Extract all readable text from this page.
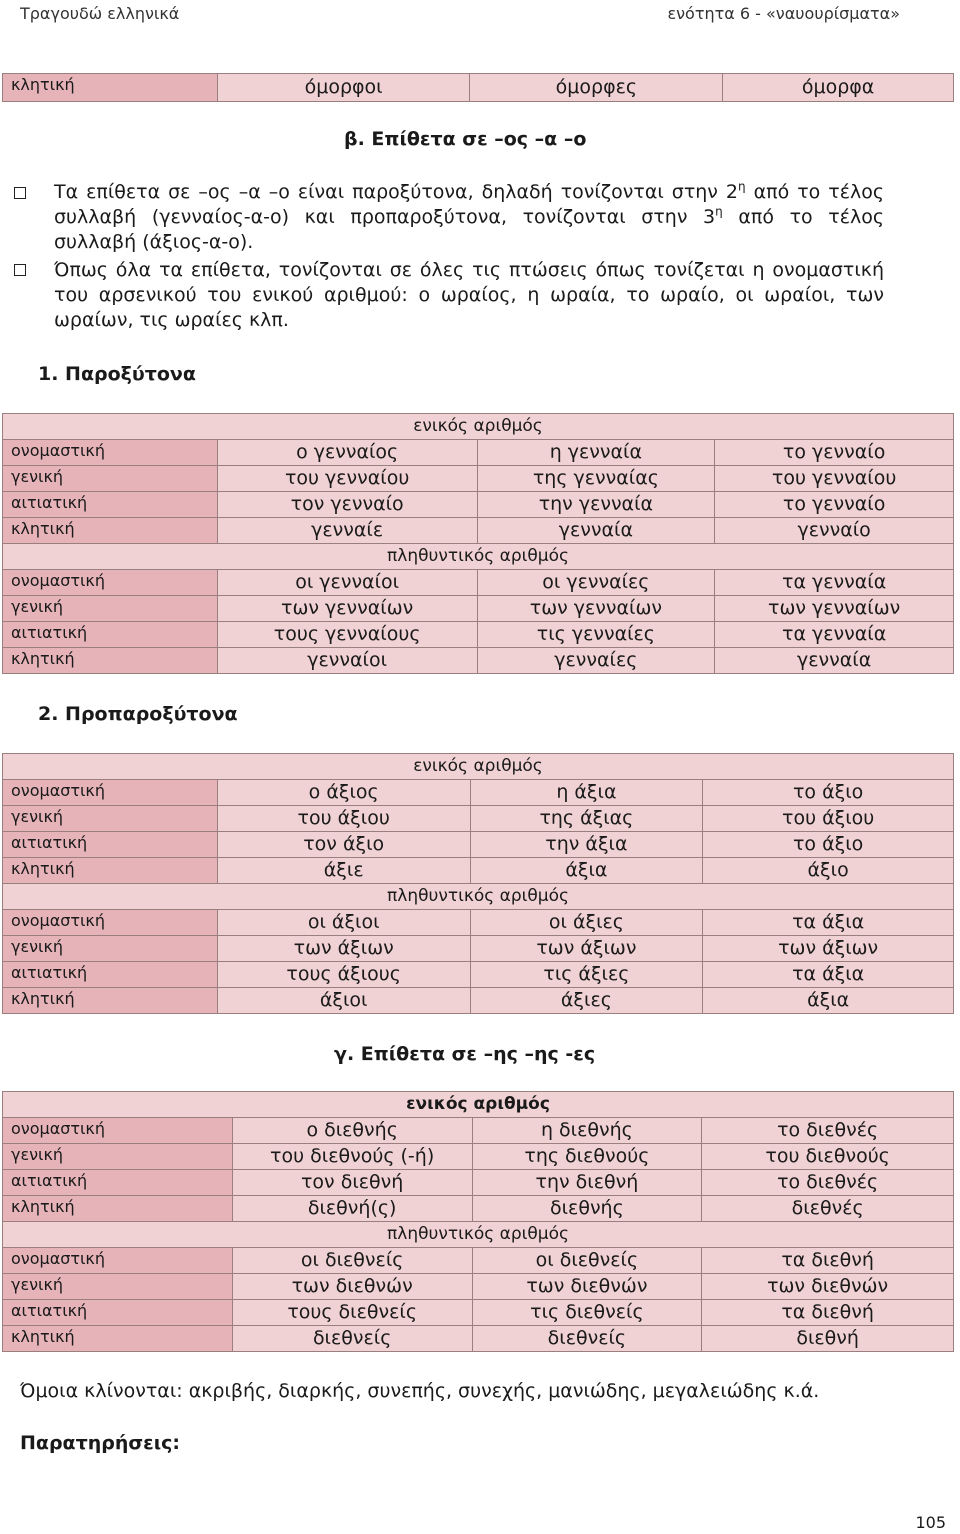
Τραγουδώ ελληνικά	ενότητα 6 - «ναυουρίσματα»
κλητική	όμορφοι	όμορφες	όμορφα
β. Επίθετα σε –ος –α –ο
Τα επίθετα σε –ος –α –ο είναι παροξύτονα, δηλαδή τονίζονται στην $2^\eta$ από το τέλος συλλαβή (γενναίος-α-ο) και προπαροξύτονα, τονίζονται στην $3^\eta$ από το τέλος συλλαβή (άξιος-α-ο).
Όπως όλα τα επίθετα, τονίζονται σε όλες τις πτώσεις όπως τονίζεται η ονομαστική του αρσενικού του ενικού αριθμού: ο ωραίος, η ωραία, το ωραίο, οι ωραίοι, των ωραίων, τις ωραίες κλπ.
1. Παροξύτονα
ενικός αριθμός			
ονομαστική	ο γενναίος	η γενναία	το γενναίο
γενική	του γενναίου	της γενναίας	του γενναίου
αιτιατική	τον γενναίο	την γενναία	το γενναίο
κλητική	γενναίε	γενναία	γενναίο
πληθυντικός αριθμός			
ονομαστική	οι γενναίοι	οι γενναίες	τα γενναία
γενική	των γενναίων	των γενναίων	των γενναίων
αιτιατική	τους γενναίους	τις γενναίες	τα γενναία
κλητική	γενναίοι	γενναίες	γενναία
2. Προπαροξύτονα
ενικός αριθμός			
ονομαστική	ο άξιος	η άξια	το άξιο
γενική	του άξιου	της άξιας	του άξιου
αιτιατική	τον άξιο	την άξια	το άξιο
κλητική	άξιε	άξια	άξιο
πληθυντικός αριθμός			
ονομαστική	οι άξιοι	οι άξιες	τα άξια
γενική	των άξιων	των άξιων	των άξιων
αιτιατική	τους άξιους	τις άξιες	τα άξια
κλητική	άξιοι	άξιες	άξια
γ. Επίθετα σε –ης –ης -ες
ενικός αριθμός			
ονομαστική	ο διεθνής	η διεθνής	το διεθνές
γενική	του διεθνούς (-ή)	της διεθνούς	του διεθνούς
αιτιατική	τον διεθνή	την διεθνή	το διεθνές
κλητική	διεθνή(ς)	διεθνής	διεθνές
πληθυντικός αριθμός			
ονομαστική	οι διεθνείς	οι διεθνείς	τα διεθνή
γενική	των διεθνών	των διεθνών	των διεθνών
αιτιατική	τους διεθνείς	τις διεθνείς	τα διεθνή
κλητική	διεθνείς	διεθνείς	διεθνή
Όμοια κλίνονται: ακριβής, διαρκής, συνεπής, συνεχής, μανιώδης, μεγαλειώδης κ.ά.
Παρατηρήσεις:
105
